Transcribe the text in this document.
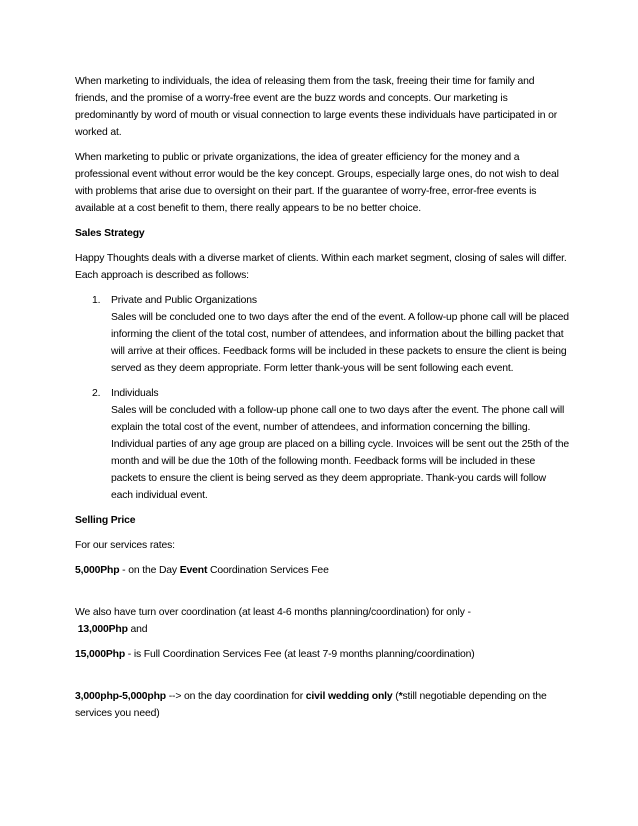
When marketing to individuals, the idea of releasing them from the task, freeing their time for family and friends, and the promise of a worry-free event are the buzz words and concepts. Our marketing is predominantly by word of mouth or visual connection to large events these individuals have participated in or worked at.

When marketing to public or private organizations, the idea of greater efficiency for the money and a professional event without error would be the key concept. Groups, especially large ones, do not wish to deal with problems that arise due to oversight on their part. If the guarantee of worry-free, error-free events is available at a cost benefit to them, there really appears to be no better choice.

Sales Strategy

Happy Thoughts deals with a diverse market of clients. Within each market segment, closing of sales will differ. Each approach is described as follows:

1. Private and Public Organizations
Sales will be concluded one to two days after the end of the event. A follow-up phone call will be placed informing the client of the total cost, number of attendees, and information about the billing packet that will arrive at their offices. Feedback forms will be included in these packets to ensure the client is being served as they deem appropriate. Form letter thank-yous will be sent following each event.
2. Individuals
Sales will be concluded with a follow-up phone call one to two days after the event. The phone call will explain the total cost of the event, number of attendees, and information concerning the billing. Individual parties of any age group are placed on a billing cycle. Invoices will be sent out the 25th of the month and will be due the 10th of the following month. Feedback forms will be included in these packets to ensure the client is being served as they deem appropriate. Thank-you cards will follow each individual event.

Selling Price

For our services rates:

5,000Php - on the Day Event Coordination Services Fee

We also have turn over coordination (at least 4-6 months planning/coordination) for only -
13,000Php and

15,000Php - is Full Coordination Services Fee (at least 7-9 months planning/coordination)

3,000php-5,000php --> on the day coordination for civil wedding only (*still negotiable depending on the services you need)
